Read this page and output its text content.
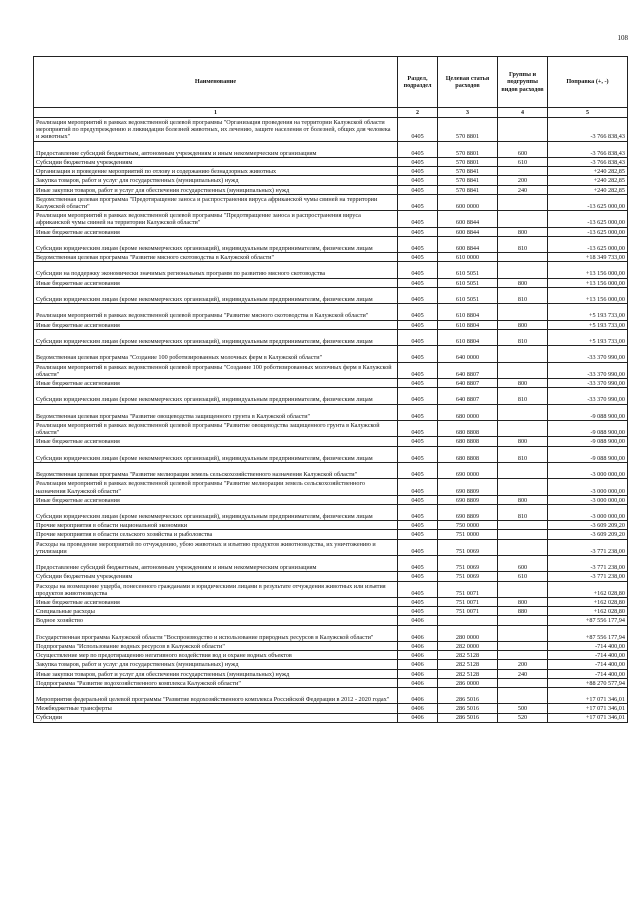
108
Наименование	Раздел, подраздел	Целевая статья расходов	Группы и подгруппы видов расходов	Поправка (+, -)
1	2	3	4	5
Реализация мероприятий в рамках ведомственной целевой программы "Организация проведения на территории Калужской области мероприятий по предупреждению и ликвидации болезней животных, их лечению, защите населения от болезней, общих для человека и животных"	0405	570 8801		-3 766 838,43
Предоставление субсидий бюджетным, автономным учреждениям и иным некоммерческим организациям	0405	570 8801	600	-3 766 838,43
Субсидии бюджетным учреждениям	0405	570 8801	610	-3 766 838,43
Организация и проведение мероприятий по отлову и содержанию безнадзорных животных	0405	570 8841		+240 282,85
Закупка товаров, работ и услуг для государственных (муниципальных) нужд	0405	570 8841	200	+240 282,85
Иные закупки товаров, работ и услуг для обеспечения государственных (муниципальных) нужд	0405	570 8841	240	+240 282,85
Ведомственная целевая программа "Предотвращение заноса и распространения вируса африканской чумы свиней на территории Калужской области"	0405	600 0000		-13 625 000,00
Реализация мероприятий в рамках ведомственной целевой программы "Предотвращение заноса и распространения вируса африканской чумы свиней на территории Калужской области"	0405	600 8844		-13 625 000,00
Иные бюджетные ассигнования	0405	600 8844	800	-13 625 000,00
Субсидии юридическим лицам (кроме некоммерческих организаций), индивидуальным предпринимателям, физическим лицам	0405	600 8844	810	-13 625 000,00
Ведомственная целевая программа "Развитие мясного скотоводства в Калужской области"	0405	610 0000		+18 349 733,00
Субсидии на поддержку экономически значимых региональных программ по развитию мясного скотоводства	0405	610 5051		+13 156 000,00
Иные бюджетные ассигнования	0405	610 5051	800	+13 156 000,00
Субсидии юридическим лицам (кроме некоммерческих организаций), индивидуальным предпринимателям, физическим лицам	0405	610 5051	810	+13 156 000,00
Реализация мероприятий в рамках ведомственной целевой программы "Развитие мясного скотоводства в Калужской области"	0405	610 8804		+5 193 733,00
Иные бюджетные ассигнования	0405	610 8804	800	+5 193 733,00
Субсидии юридическим лицам (кроме некоммерческих организаций), индивидуальным предпринимателям, физическим лицам	0405	610 8804	810	+5 193 733,00
Ведомственная целевая программа "Создание 100 роботизированных молочных ферм в Калужской области"	0405	640 0000		-33 370 990,00
Реализация мероприятий в рамках ведомственной целевой программы "Создание 100 роботизированных молочных ферм в Калужской области"	0405	640 8807		-33 370 990,00
Иные бюджетные ассигнования	0405	640 8807	800	-33 370 990,00
Субсидии юридическим лицам (кроме некоммерческих организаций), индивидуальным предпринимателям, физическим лицам	0405	640 8807	810	-33 370 990,00
Ведомственная целевая программа "Развитие овощеводства защищенного грунта в Калужской области"	0405	680 0000		-9 088 900,00
Реализация мероприятий в рамках ведомственной целевой программы "Развитие овощеводства защищенного грунта в Калужской области"	0405	680 8808		-9 088 900,00
Иные бюджетные ассигнования	0405	680 8808	800	-9 088 900,00
Субсидии юридическим лицам (кроме некоммерческих организаций), индивидуальным предпринимателям, физическим лицам	0405	680 8808	810	-9 088 900,00
Ведомственная целевая программа "Развитие мелиорации земель сельскохозяйственного назначения Калужской области"	0405	690 0000		-3 000 000,00
Реализация мероприятий в рамках ведомственной целевой программы "Развитие мелиорации земель сельскохозяйственного назначения Калужской области"	0405	690 8809		-3 000 000,00
Иные бюджетные ассигнования	0405	690 8809	800	-3 000 000,00
Субсидии юридическим лицам (кроме некоммерческих организаций), индивидуальным предпринимателям, физическим лицам	0405	690 8809	810	-3 000 000,00
Прочие мероприятия в области национальной экономики	0405	750 0000		-3 609 209,20
Прочие мероприятия в области сельского хозяйства и рыболовства	0405	751 0000		-3 609 209,20
Расходы на проведение мероприятий по отчуждению, убою животных и изъятию продуктов животноводства, их уничтожению и утилизации	0405	751 0069		-3 771 238,00
Предоставление субсидий бюджетным, автономным учреждениям и иным некоммерческим организациям	0405	751 0069	600	-3 771 238,00
Субсидии бюджетным учреждениям	0405	751 0069	610	-3 771 238,00
Расходы на возмещение ущерба, понесенного гражданами и юридическими лицами в результате отчуждения животных или изъятия продуктов животноводства	0405	751 0071		+162 028,80
Иные бюджетные ассигнования	0405	751 0071	800	+162 028,80
Специальные расходы	0405	751 0071	880	+162 028,80
Водное хозяйство	0406			+87 556 177,94
Государственная программа Калужской области "Воспроизводство и использование природных ресурсов в Калужской области"	0406	280 0000		+87 556 177,94
Подпрограмма "Использование водных ресурсов в Калужской области"	0406	282 0000		-714 400,00
Осуществление мер по предотвращению негативного воздействия вод и охране водных объектов	0406	282 5128		-714 400,00
Закупка товаров, работ и услуг для государственных (муниципальных) нужд	0406	282 5128	200	-714 400,00
Иные закупки товаров, работ и услуг для обеспечения государственных (муниципальных) нужд	0406	282 5128	240	-714 400,00
Подпрограмма "Развитие водохозяйственного комплекса Калужской области"	0406	286 0000		+88 270 577,94
Мероприятия федеральной целевой программы "Развитие водохозяйственного комплекса Российской Федерации в 2012 - 2020 годах"	0406	286 5016		+17 071 346,01
Межбюджетные трансферты	0406	286 5016	500	+17 071 346,01
Субсидии	0406	286 5016	520	+17 071 346,01
